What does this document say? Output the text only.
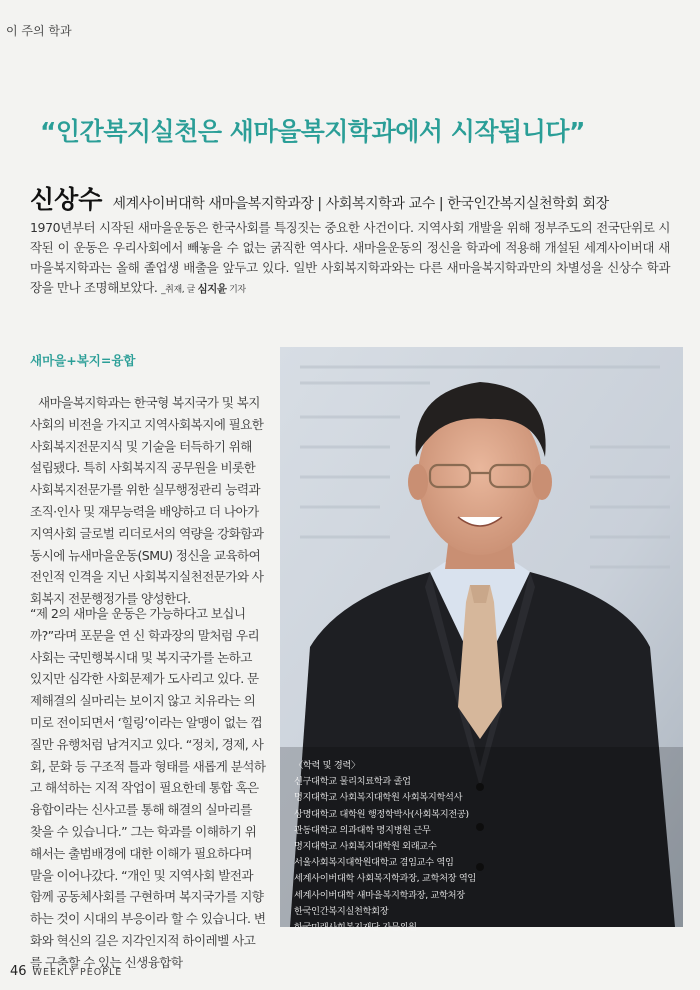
이 주의 학과
“인간복지실천은 새마을복지학과에서 시작됩니다”
신상수 세계사이버대학 새마을복지학과장 | 사회복지학과 교수 | 한국인간복지실천학회 회장

1970년부터 시작된 새마을운동은 한국사회를 특징짓는 중요한 사건이다. 지역사회 개발을 위해 정부주도의 전국단위로 시작된 이 운동은 우리사회에서 빼놓을 수 없는 굵직한 역사다. 새마을운동의 정신을 학과에 적용해 개설된 세계사이버대 새마을복지학과는 올해 졸업생 배출을 앞두고 있다. 일반 사회복지학과와는 다른 새마을복지학과만의 차별성을 신상수 학과장을 만나 조명해보았다. _취재, 글 심지윤 기자

새마을+복지=융합

새마을복지학과는 한국형 복지국가 및 복지사회의 비전을 가지고 지역사회복지에 필요한 사회복지전문지식 및 기술을 터득하기 위해 설립됐다. 특히 사회복지직 공무원을 비롯한 사회복지전문가를 위한 실무행정관리 능력과 조직·인사 및 재무능력을 배양하고 더 나아가 지역사회 글로벌 리더로서의 역량을 강화함과 동시에 뉴새마을운동(SMU) 정신을 교육하여 전인적 인격을 지닌 사회복지실천전문가와 사회복지 전문행정가를 양성한다.

“제 2의 새마을 운동은 가능하다고 보십니까?”라며 포문을 연 신 학과장의 말처럼 우리사회는 국민행복시대 및 복지국가를 논하고 있지만 심각한 사회문제가 도사리고 있다. 문제해결의 실마리는 보이지 않고 치유라는 의미로 전이되면서 ‘힐링’이라는 알맹이 없는 껍질만 유행처럼 남겨지고 있다. “정치, 경제, 사회, 문화 등 구조적 틀과 형태를 새롭게 분석하고 해석하는 지적 작업이 필요한데 통합 혹은 융합이라는 신사고를 통해 해결의 실마리를 찾을 수 있습니다.” 그는 학과를 이해하기 위해서는 출범배경에 대한 이해가 필요하다며 말을 이어나갔다. “개인 및 지역사회 발전과 함께 공동체사회를 구현하며 복지국가를 지향하는 것이 시대의 부응이라 할 수 있습니다. 변화와 혁신의 길은 지각인지적 하이레벨 사고를 구축할 수 있는 신생융합학

〈학력 및 경력〉
신구대학교 물리치료학과 졸업
명지대학교 사회복지대학원 사회복지학석사
상명대학교 대학원 행정학박사(사회복지전공)
관동대학교 의과대학 명지병원 근무
명지대학교 사회복지대학원 외래교수
서울사회복지대학원대학교 겸임교수 역임
세계사이버대학 사회복지학과장, 교학처장 역임
세계사이버대학 새마을복지학과장, 교학처장
한국인간복지실천학회장
한국미래사회복지재단 자문위원
46 WEEKLY PEOPLE
